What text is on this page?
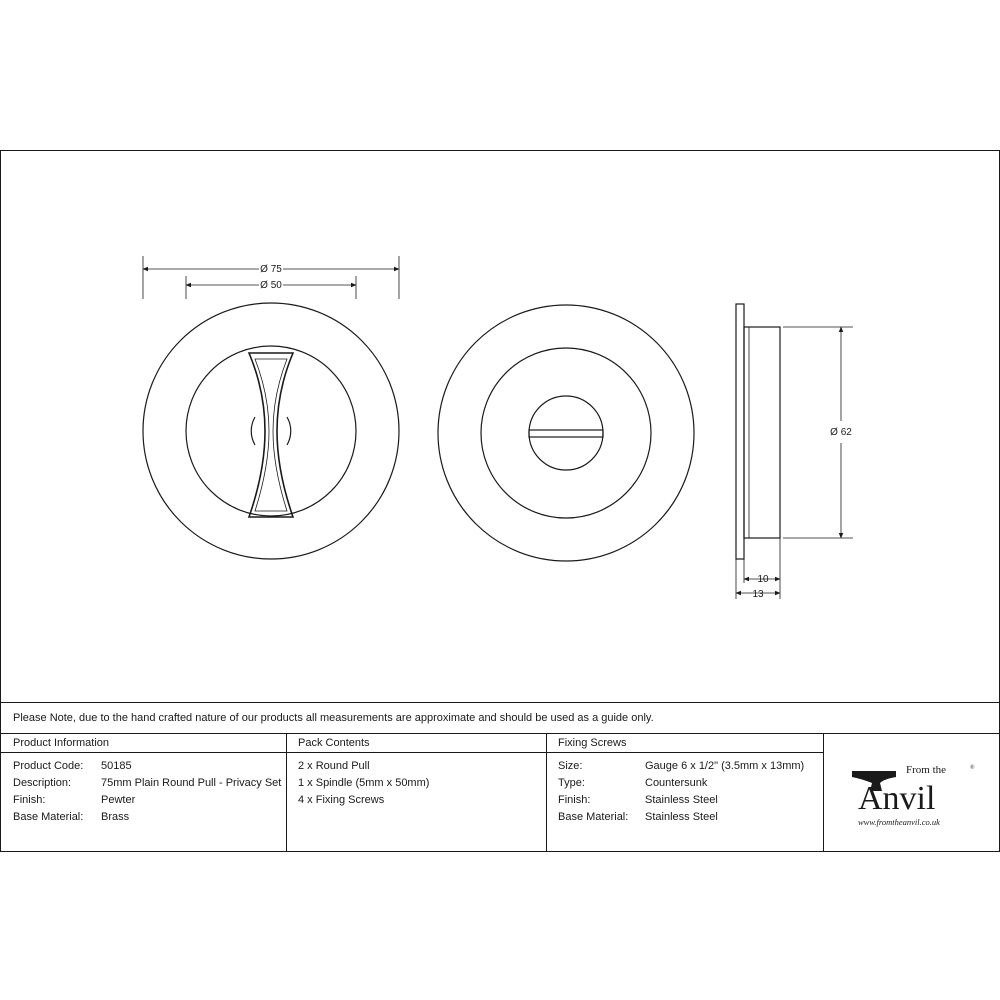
Ø 75
Ø 50
Ø 62
10
13
Please Note, due to the hand crafted nature of our products all measurements are approximate and should be used as a guide only.
Product Information
Product Code: 50185
Description:	75mm Plain Round Pull - Privacy Set
Finish:	Pewter
Base Material: Brass
Pack Contents
2 x Round Pull
1 x Spindle (5mm x 50mm)
4 x Fixing Screws
Fixing Screws
Size:	Gauge 6 x 1/2" (3.5mm x 13mm)
Type:	Countersunk
Finish:	Stainless Steel
Base Material: Stainless Steel
From the	®
Anvil
www.fromtheanvil.co.uk
